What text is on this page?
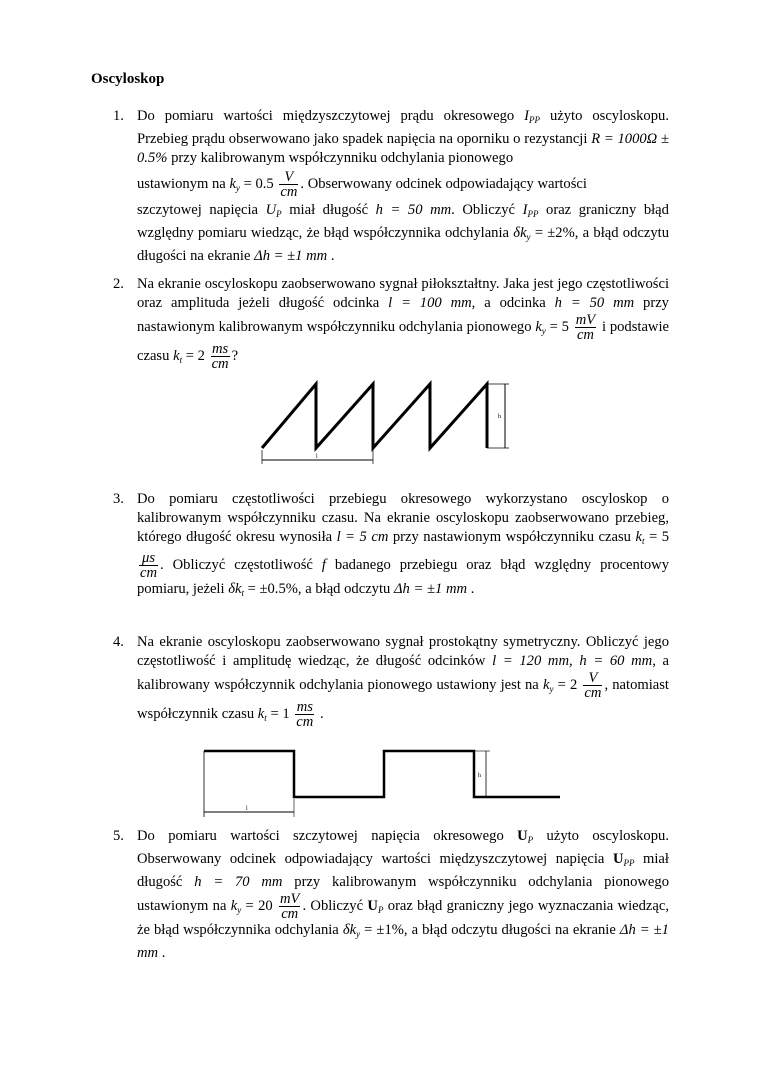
Oscyloskop
1. Do pomiaru wartości międzyszczytowej prądu okresowego $I_{PP}$ użyto oscyloskopu. Przebieg prądu obserwowano jako spadek napięcia na oporniku o rezystancji R = 1000Ω ± 0.5% przy kalibrowanym współczynniku odchylania pionowego

ustawionym na $k_y = 0.5 \frac{V}{cm}$ . Obserwowany odcinek odpowiadający wartości

szczytowej napięcia $U_P$ miał długość h = 50 mm. Obliczyć $I_{PP}$ oraz graniczny błąd względny pomiaru wiedząc, że błąd współczynnika odchylania $\delta k_y = \pm 2\%$, a błąd odczytu długości na ekranie Δh = ±1 mm .

2. Na ekranie oscyloskopu zaobserwowano sygnał piłokształtny. Jaka jest jego częstotliwości oraz amplituda jeżeli długość odcinka l = 100 mm, a odcinka h = 50 mm przy nastawionym kalibrowanym współczynniku odchylania pionowego $k_y = 5 \frac{mV}{cm}$ i podstawie czasu $k_t = 2 \frac{ms}{cm}$ ?

h
l
3. Do pomiaru częstotliwości przebiegu okresowego wykorzystano oscyloskop o kalibrowanym współczynniku czasu. Na ekranie oscyloskopu zaobserwowano przebieg, którego długość okresu wynosiła l = 5 cm przy nastawionym współczynniku czasu $k_t = 5$
$\frac{\mu s}{cm}$ . Obliczyć częstotliwość f badanego przebiegu oraz błąd względny procentowy pomiaru, jeżeli $\delta k_t = \pm 0.5\%$, a błąd odczytu Δh = ±1 mm .

4. Na ekranie oscyloskopu zaobserwowano sygnał prostokątny symetryczny. Obliczyć jego częstotliwość i amplitudę wiedząc, że długość odcinków l = 120 mm, h = 60 mm, a kalibrowany współczynnik odchylania pionowego ustawiony jest na $k_y = 2 \frac{V}{cm}$ , natomiast współczynnik czasu $k_t = 1 \frac{ms}{cm}$ .

h
l
5. Do pomiaru wartości szczytowej napięcia okresowego $U_P$ użyto oscyloskopu. Obserwowany odcinek odpowiadający wartości międzyszczytowej napięcia $U_{PP}$ miał długość h = 70 mm przy kalibrowanym współczynniku odchylania pionowego ustawionym na $k_y = 20 \frac{mV}{cm}$ . Obliczyć $U_P$ oraz błąd graniczny jego wyznaczania wiedząc, że błąd współczynnika odchylania $\delta k_y = \pm 1\%$, a błąd odczytu długości na ekranie Δh = ±1 mm .
